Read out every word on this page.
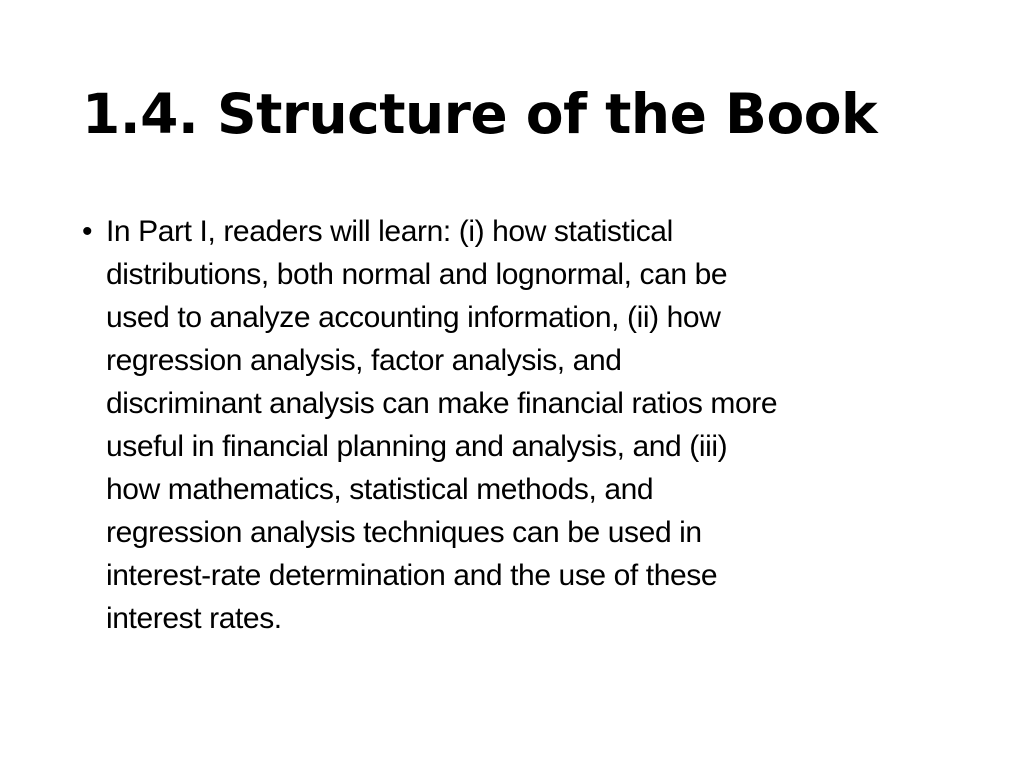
1.4. Structure of the Book
• In Part I, readers will learn: (i) how statistical
distributions, both normal and lognormal, can be
used to analyze accounting information, (ii) how
regression analysis, factor analysis, and
discriminant analysis can make financial ratios more
useful in financial planning and analysis, and (iii)
how mathematics, statistical methods, and
regression analysis techniques can be used in
interest-rate determination and the use of these
interest rates.
